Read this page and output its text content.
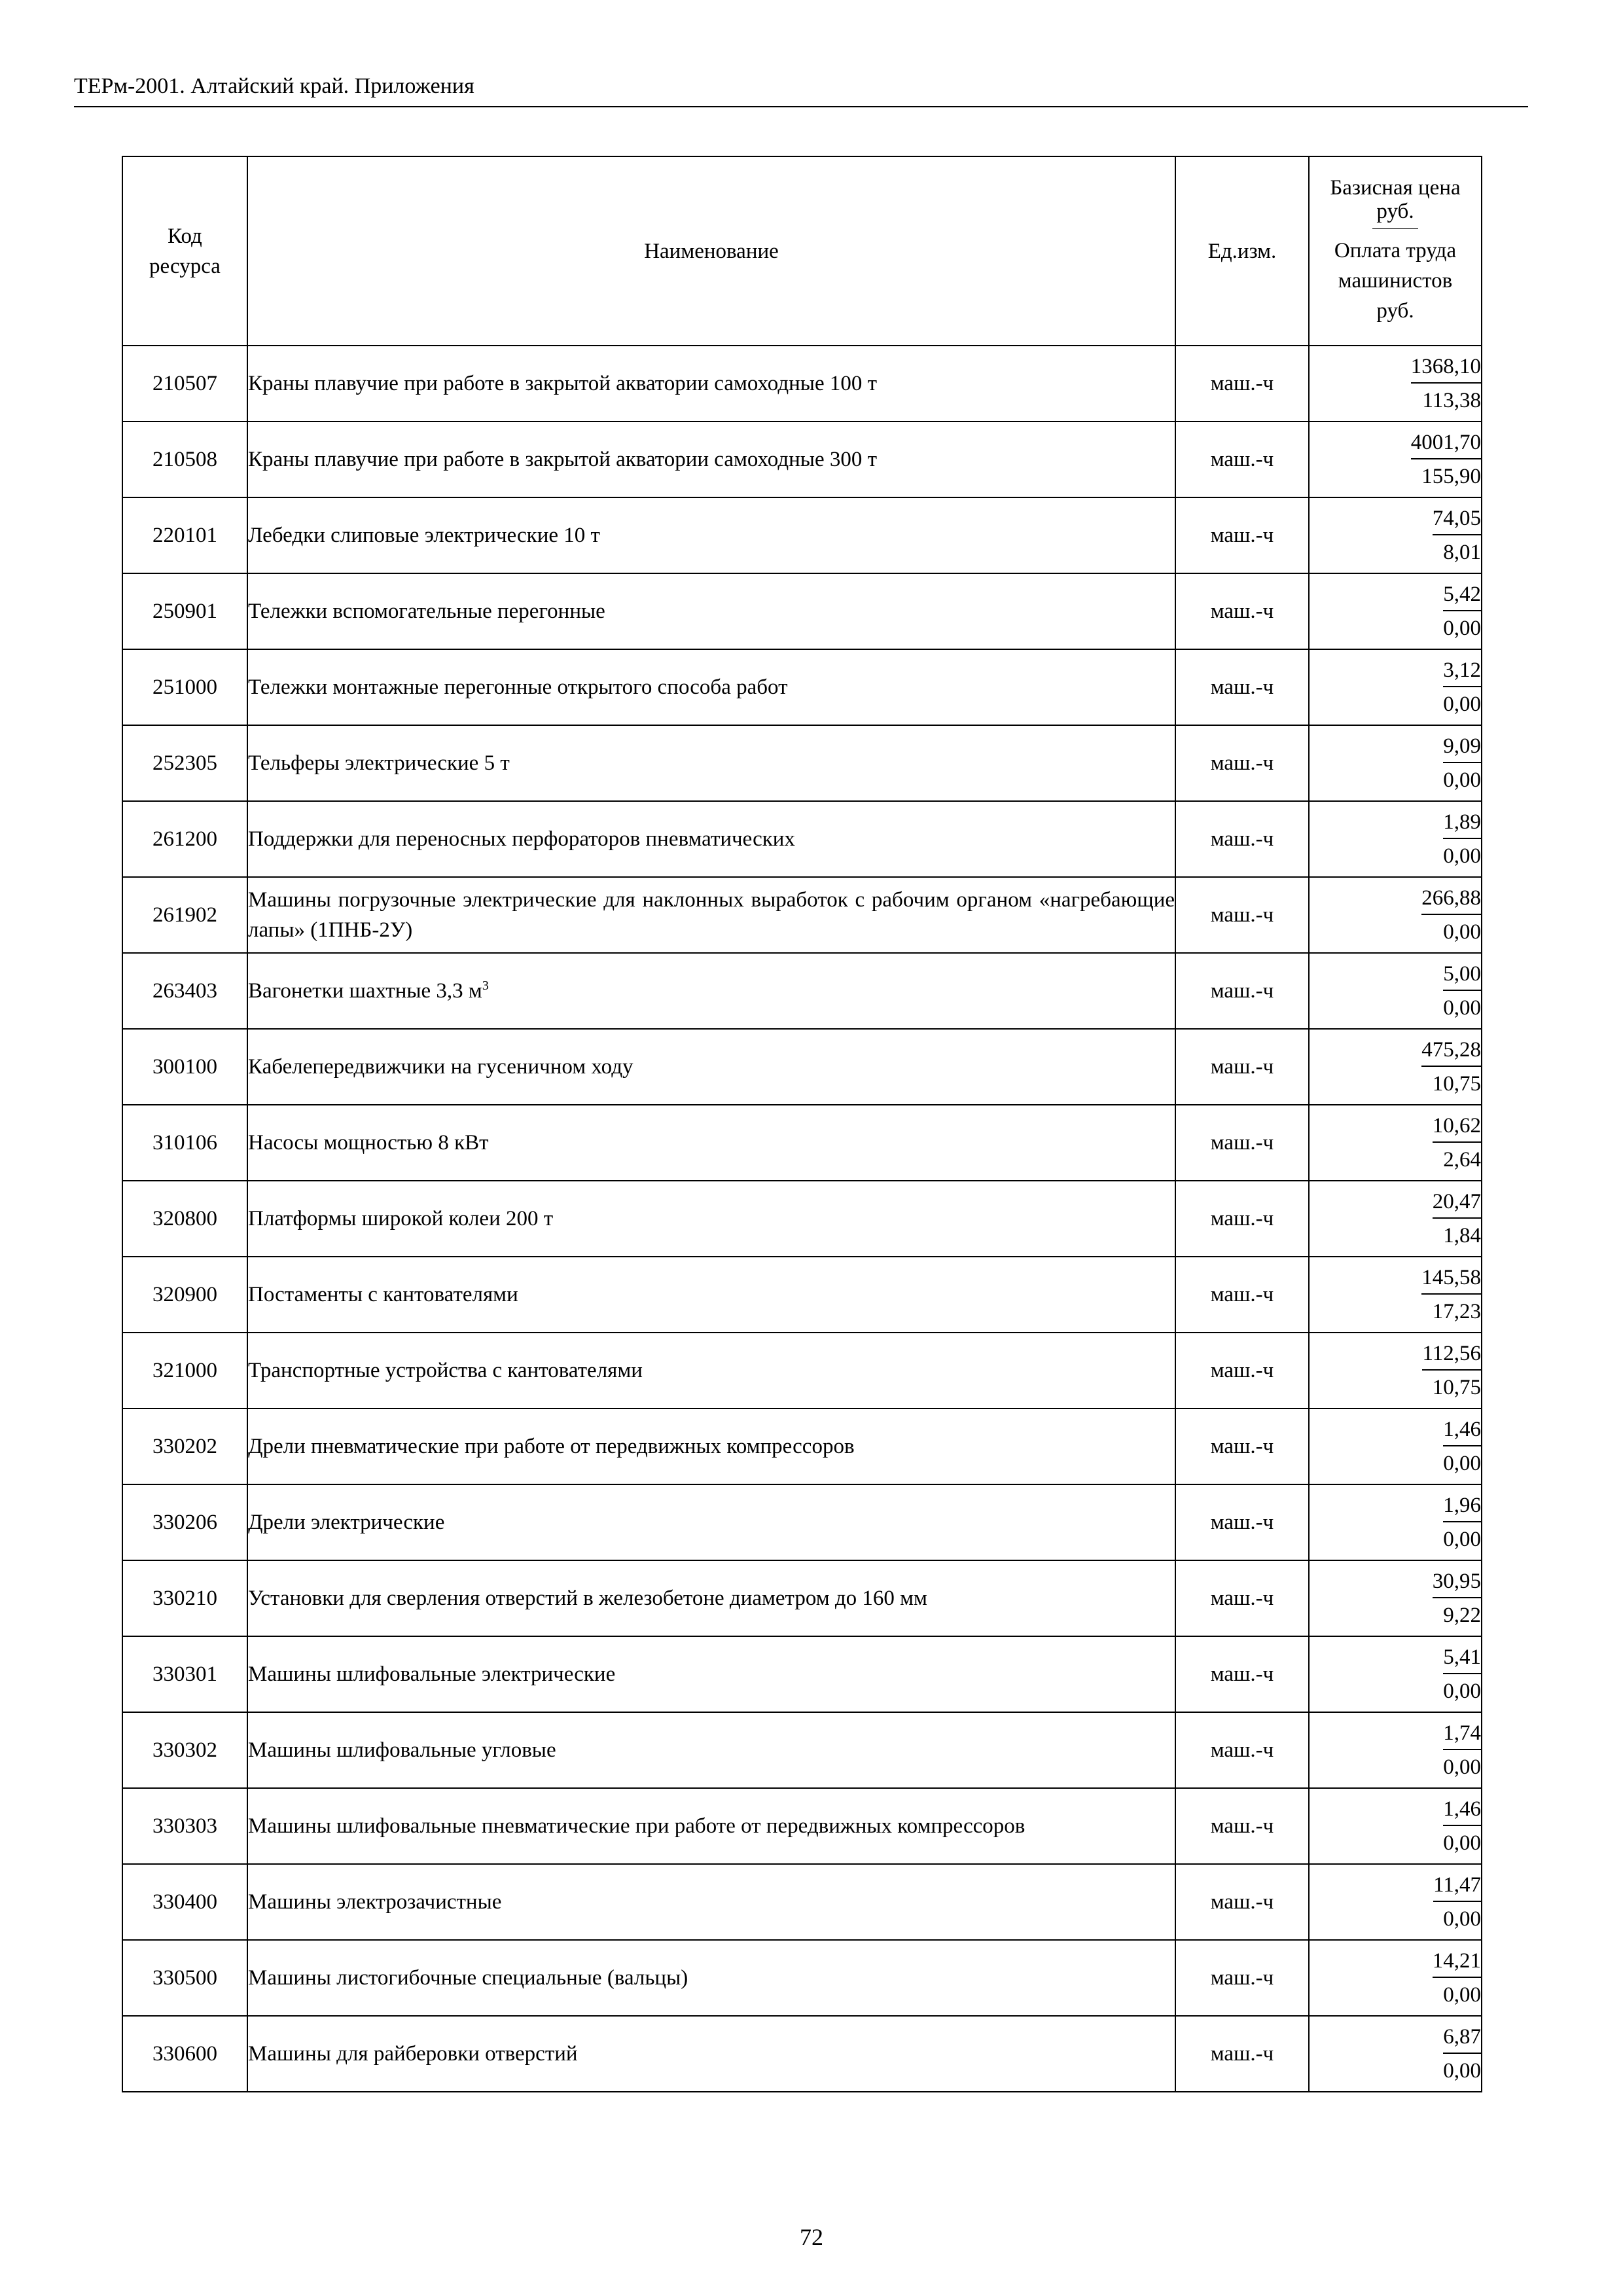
ТЕРм-2001. Алтайский край. Приложения
Код ресурса	Наименование	Ед.изм.	Базисная цена руб.
Оплата труда машинистов руб.

210507	Краны плавучие при работе в закрытой акватории самоходные 100 т	маш.-ч	$\frac{1368,10}{113,38}$

210508	Краны плавучие при работе в закрытой акватории самоходные 300 т	маш.-ч	$\frac{4001,70}{155,90}$

220101	Лебедки слиповые электрические 10 т	маш.-ч	$\frac{74,05}{8,01}$

250901	Тележки вспомогательные перегонные	маш.-ч	$\frac{5,42}{0,00}$

251000	Тележки монтажные перегонные открытого способа работ	маш.-ч	$\frac{3,12}{0,00}$

252305	Тельферы электрические 5 т	маш.-ч	$\frac{9,09}{0,00}$

261200	Поддержки для переносных перфораторов пневматических	маш.-ч	$\frac{1,89}{0,00}$

261902	Машины погрузочные электрические для наклонных выработок с рабочим органом «нагребающие лапы» (1ПНБ-2У)	маш.-ч	$\frac{266,88}{0,00}$

263403	Вагонетки шахтные 3,3 $м^3$	маш.-ч	$\frac{5,00}{0,00}$

300100	Кабелепередвижчики на гусеничном ходу	маш.-ч	$\frac{475,28}{10,75}$

310106	Насосы мощностью 8 кВт	маш.-ч	$\frac{10,62}{2,64}$

320800	Платформы широкой колеи 200 т	маш.-ч	$\frac{20,47}{1,84}$

320900	Постаменты с кантователями	маш.-ч	$\frac{145,58}{17,23}$

321000	Транспортные устройства с кантователями	маш.-ч	$\frac{112,56}{10,75}$

330202	Дрели пневматические при работе от передвижных компрессоров	маш.-ч	$\frac{1,46}{0,00}$

330206	Дрели электрические	маш.-ч	$\frac{1,96}{0,00}$

330210	Установки для сверления отверстий в железобетоне диаметром до 160 мм	маш.-ч	$\frac{30,95}{9,22}$

330301	Машины шлифовальные электрические	маш.-ч	$\frac{5,41}{0,00}$

330302	Машины шлифовальные угловые	маш.-ч	$\frac{1,74}{0,00}$

330303	Машины шлифовальные пневматические при работе от передвижных компрессоров	маш.-ч	$\frac{1,46}{0,00}$

330400	Машины электрозачистные	маш.-ч	$\frac{11,47}{0,00}$

330500	Машины листогибочные специальные (вальцы)	маш.-ч	$\frac{14,21}{0,00}$

330600	Машины для райберовки отверстий	маш.-ч	$\frac{6,87}{0,00}$
72
